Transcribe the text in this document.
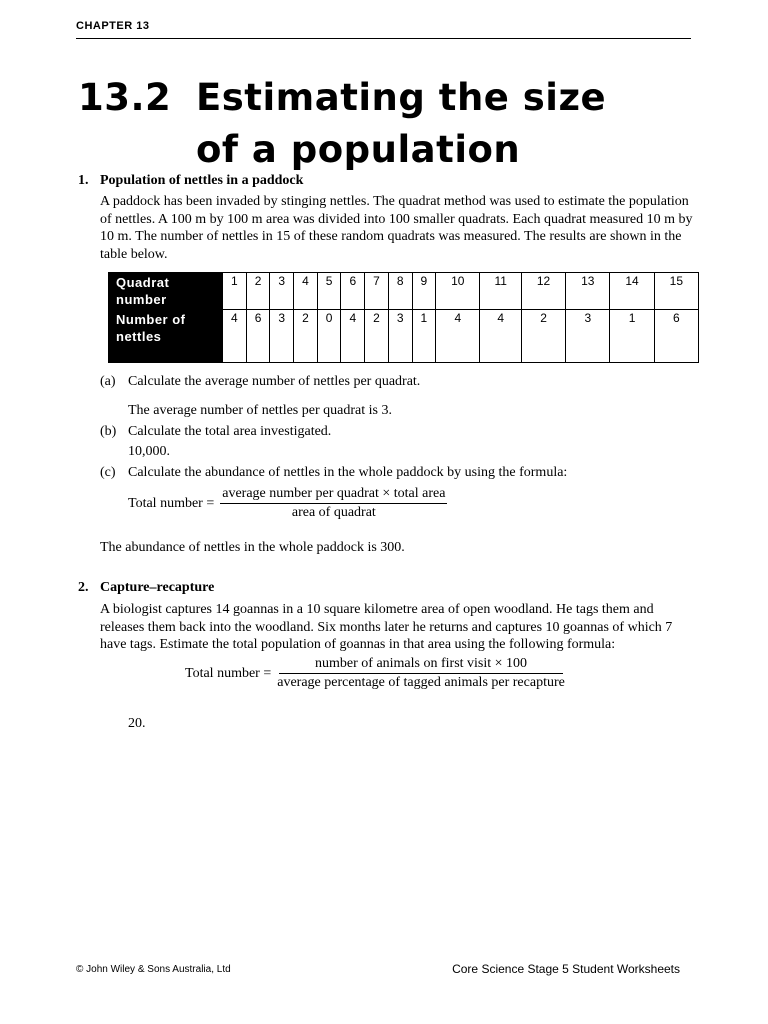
CHAPTER 13
13.2 Estimating the size
of a population
1. Population of nettles in a paddock
A paddock has been invaded by stinging nettles. The quadrat method was used to estimate the population of nettles. A 100 m by 100 m area was divided into 100 smaller quadrats. Each quadrat measured 10 m by 10 m. The number of nettles in 15 of these random quadrats was measured. The results are shown in the table below.
Quadrat number	1	2	3	4	5	6	7	8	9	10	11	12	13	14	15
Number of nettles	4	6	3	2	0	4	2	3	1	4	4	2	3	1	6
(a) Calculate the average number of nettles per quadrat.
The average number of nettles per quadrat is 3.
(b) Calculate the total area investigated.
10,000.
(c) Calculate the abundance of nettles in the whole paddock by using the formula:
Total number = $\frac{\text{average number per quadrat × total area}}{\text{area of quadrat}}$
The abundance of nettles in the whole paddock is 300.
2. Capture–recapture
A biologist captures 14 goannas in a 10 square kilometre area of open woodland. He tags them and releases them back into the woodland. Six months later he returns and captures 10 goannas of which 7 have tags. Estimate the total population of goannas in that area using the following formula:
Total number = $\frac{\text{number of animals on first visit × 100}}{\text{average percentage of tagged animals per recapture}}$
20.
© John Wiley & Sons Australia, Ltd	Core Science Stage 5 Student Worksheets
